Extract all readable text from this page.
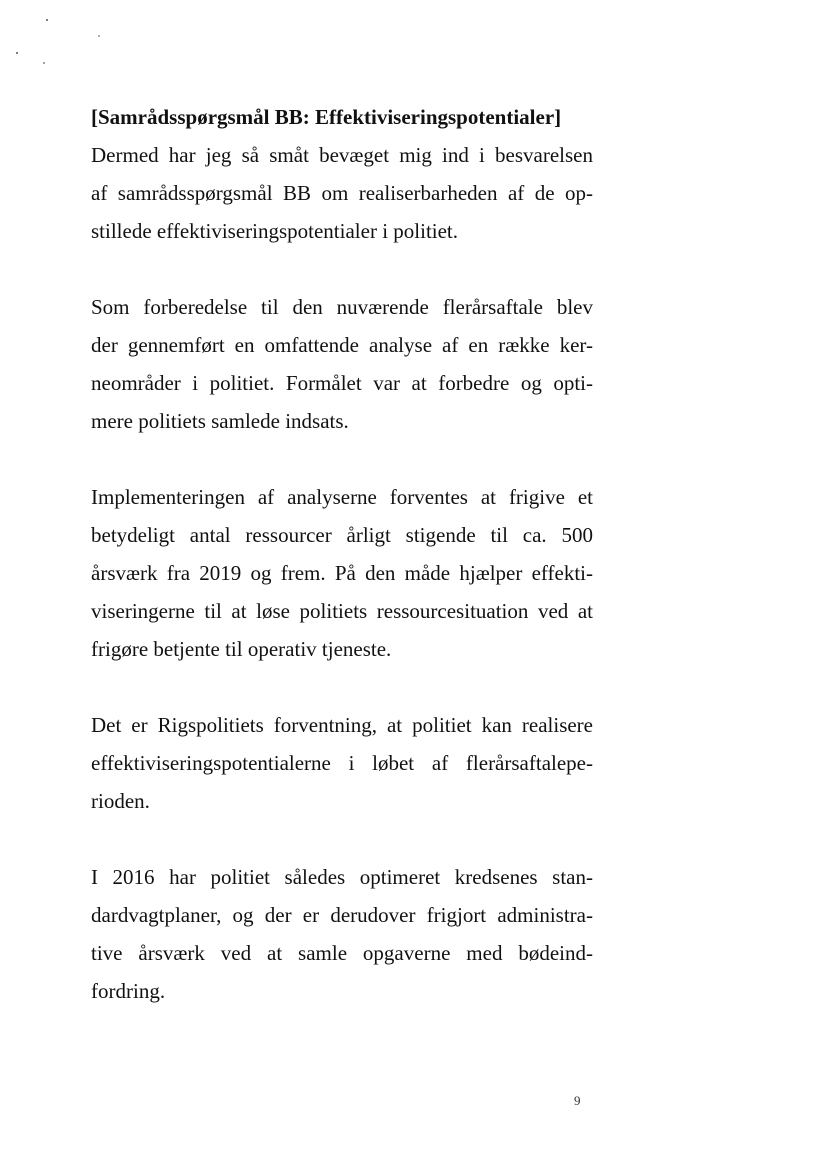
[Samrådsspørgsmål BB: Effektiviseringspotentialer]
Dermed har jeg så småt bevæget mig ind i besvarelsen
af samrådsspørgsmål BB om realiserbarheden af de op-
stillede effektiviseringspotentialer i politiet.
Som forberedelse til den nuværende flerårsaftale blev
der gennemført en omfattende analyse af en række ker-
neområder i politiet. Formålet var at forbedre og opti-
mere politiets samlede indsats.
Implementeringen af analyserne forventes at frigive et
betydeligt antal ressourcer årligt stigende til ca. 500
årsværk fra 2019 og frem. På den måde hjælper effekti-
viseringerne til at løse politiets ressourcesituation ved at
frigøre betjente til operativ tjeneste.
Det er Rigspolitiets forventning, at politiet kan realisere
effektiviseringspotentialerne i løbet af flerårsaftalepe-
rioden.
I 2016 har politiet således optimeret kredsenes stan-
dardvagtplaner, og der er derudover frigjort administra-
tive årsværk ved at samle opgaverne med bødeind-
fordring.
9
